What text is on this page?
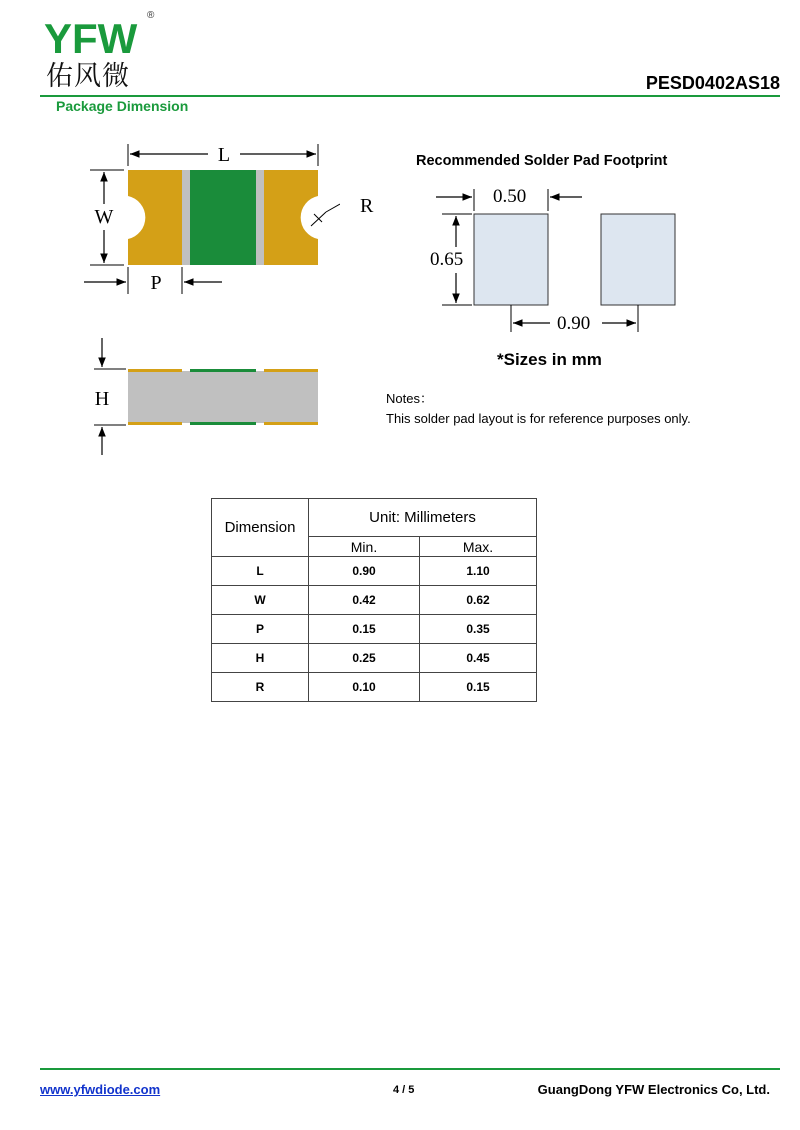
YFW ®
佑风微	PESD0402AS18
Package Dimension
L
W
P
H
R
Recommended Solder Pad Footprint
0.50
0.65
0.90
*Sizes in mm
Notes：
This solder pad layout is for reference purposes only.
Dimension	Unit: Millimeters	
	Min.	Max.
L	0.90	1.10
W	0.42	0.62
P	0.15	0.35
H	0.25	0.45
R	0.10	0.15
www.yfwdiode.com	4 / 5	GuangDong YFW Electronics Co, Ltd.
